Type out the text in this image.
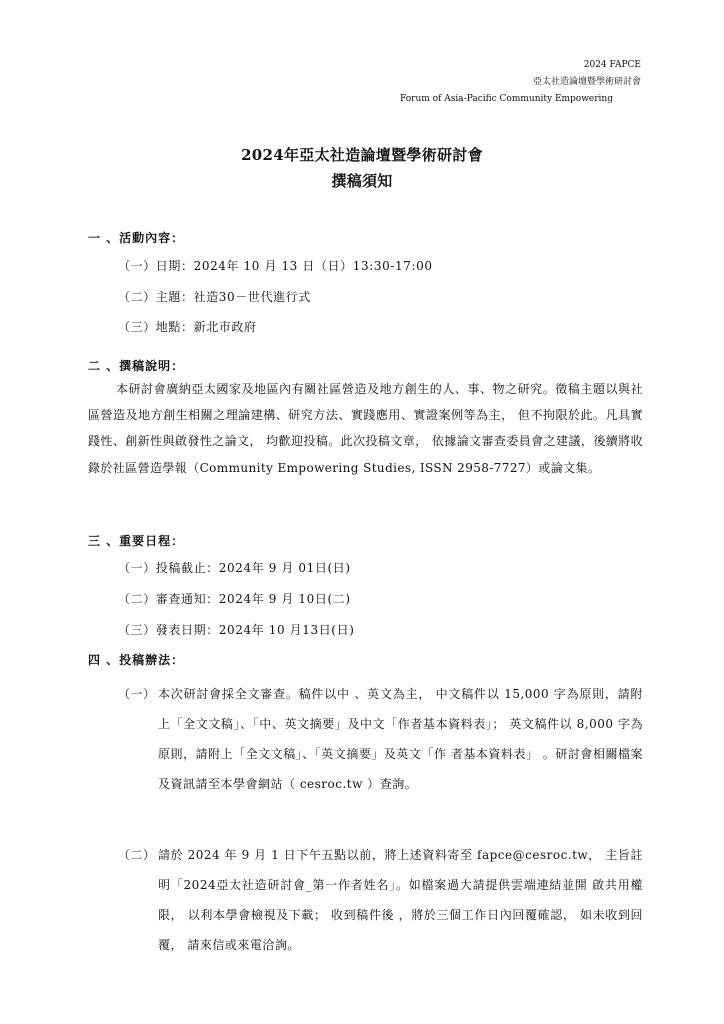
2024 FAPCE
亞太社造論壇暨學術研討會
Forum of Asia-Pacific Community Empowering
2024年亞太社造論壇暨學術研討會
撰稿須知
一 、活動內容：
（一）日期：2024年 10 月 13 日（日）13:30-17:00
（二）主題：社造30－世代進行式
（三）地點：新北市政府
二 、撰稿說明：
本研討會廣納亞太國家及地區內有關社區營造及地方創生的人、事、物之研究。徵稿主題以與社區營造及地方創生相關之理論建構、研究方法、實踐應用、實證案例等為主， 但不拘限於此。凡具實踐性、創新性與啟發性之論文， 均歡迎投稿。此次投稿文章， 依據論文審查委員會之建議，後續將收錄於社區營造學報（Community Empowering Studies, ISSN 2958-7727）或論文集。
三 、重要日程：
（一）投稿截止：2024年 9 月 01日(日)
（二）審查通知：2024年 9 月 10日(二)
（三）發表日期：2024年 10 月13日(日)
四 、投稿辦法：
（一） 本次研討會採全文審查。稿件以中 、英文為主， 中文稿件以 15,000 字為原則，請附上「全文文稿」、「中、英文摘要」及中文「作者基本資料表」； 英文稿件以 8,000 字為原則，請附上「全文文稿」、「英文摘要」及英文「作 者基本資料表」 。研討會相關檔案及資訊請至本學會網站（ cesroc.tw ）查詢。
（二） 請於 2024 年 9 月 1 日下午五點以前，將上述資料寄至 fapce@cesroc.tw， 主旨註明「2024亞太社造研討會_第一作者姓名」。如檔案過大請提供雲端連結並開 啟共用權限， 以利本學會檢視及下載； 收到稿件後 ，將於三個工作日內回覆確認， 如未收到回覆， 請來信或來電洽詢。
